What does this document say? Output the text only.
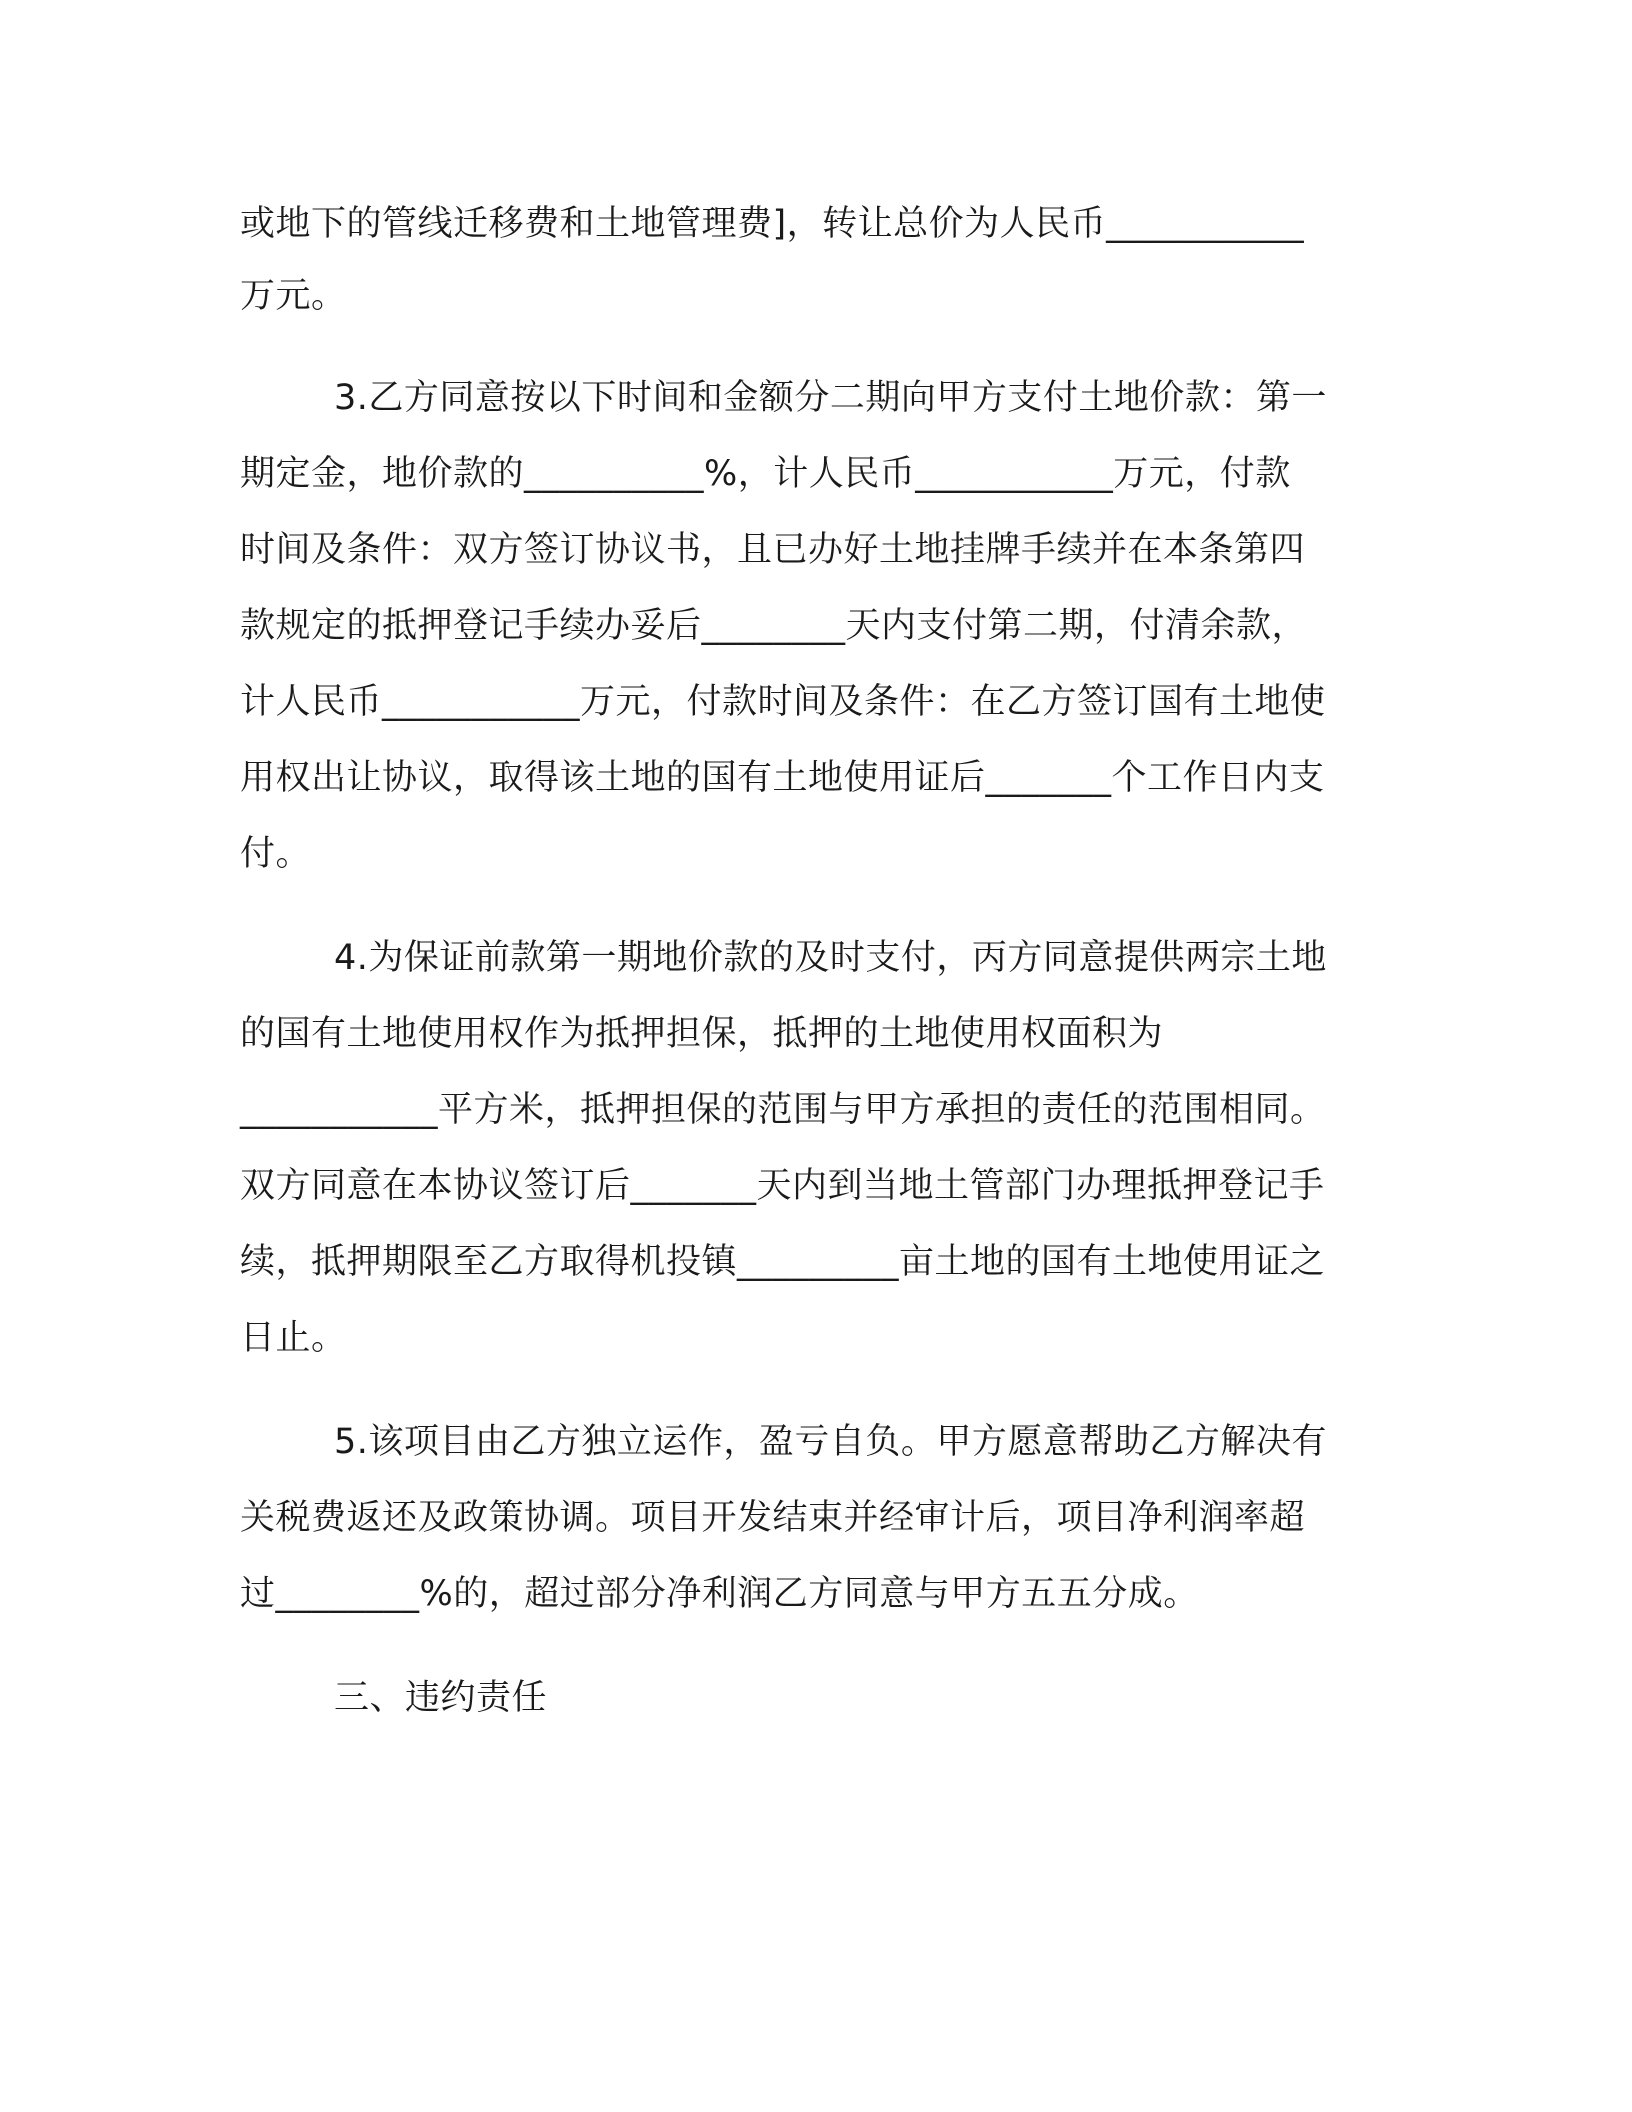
或地下的管线迁移费和土地管理费]，转让总价为人民币___________

万元。

3.乙方同意按以下时间和金额分二期向甲方支付土地价款：第一

期定金，地价款的__________%，计人民币___________万元，付款

时间及条件：双方签订协议书，且已办好土地挂牌手续并在本条第四

款规定的抵押登记手续办妥后________天内支付第二期，付清余款，

计人民币___________万元，付款时间及条件：在乙方签订国有土地使

用权出让协议，取得该土地的国有土地使用证后_______个工作日内支

付。

4.为保证前款第一期地价款的及时支付，丙方同意提供两宗土地

的国有土地使用权作为抵押担保，抵押的土地使用权面积为

___________平方米，抵押担保的范围与甲方承担的责任的范围相同。

双方同意在本协议签订后_______天内到当地土管部门办理抵押登记手

续，抵押期限至乙方取得机投镇_________亩土地的国有土地使用证之

日止。

5.该项目由乙方独立运作，盈亏自负。甲方愿意帮助乙方解决有

关税费返还及政策协调。项目开发结束并经审计后，项目净利润率超

过________%的，超过部分净利润乙方同意与甲方五五分成。

三、违约责任
